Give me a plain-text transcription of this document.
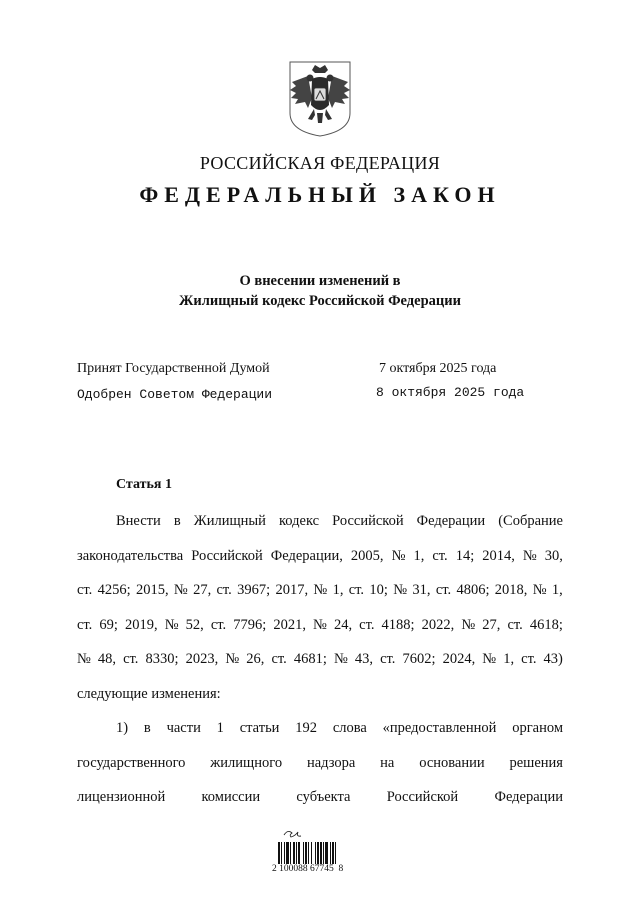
РОССИЙСКАЯ ФЕДЕРАЦИЯ
ФЕДЕРАЛЬНЫЙ ЗАКОН
О внесении изменений в
Жилищный кодекс Российской Федерации
Принят Государственной Думой	7 октября 2025 года
Одобрен Советом Федерации	8 октября 2025 года
Статья 1
Внести в Жилищный кодекс Российской Федерации (Собрание
законодательства Российской Федерации, 2005, № 1, ст. 14; 2014, № 30,
ст. 4256; 2015, № 27, ст. 3967; 2017, № 1, ст. 10; № 31, ст. 4806; 2018, № 1,
ст. 69; 2019, № 52, ст. 7796; 2021, № 24, ст. 4188; 2022, № 27, ст. 4618;
№ 48, ст. 8330; 2023, № 26, ст. 4681; № 43, ст. 7602; 2024, № 1, ст. 43)
следующие изменения:
1) в части 1 статьи 192 слова «предоставленной органом
государственного жилищного надзора на основании решения
лицензионной	комиссии	субъекта	Российской	Федерации
2 100088 67745  8
